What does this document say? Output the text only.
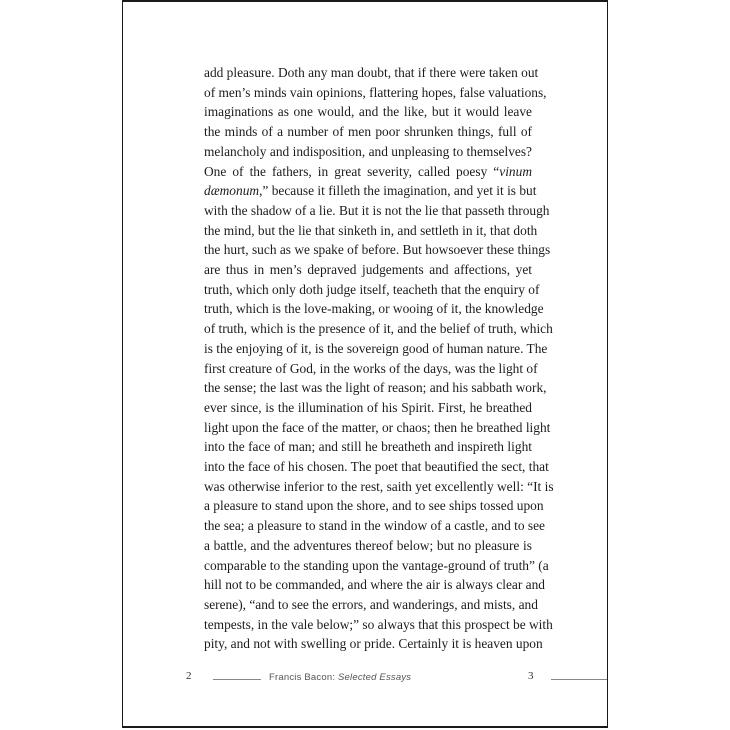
add pleasure. Doth any man doubt, that if there were taken out
of men’s minds vain opinions, flattering hopes, false valuations,
imaginations as one would, and the like, but it would leave
the minds of a number of men poor shrunken things, full of
melancholy and indisposition, and unpleasing to themselves?
One of the fathers, in great severity, called poesy “vinum
dæmonum,” because it filleth the imagination, and yet it is but
with the shadow of a lie. But it is not the lie that passeth through
the mind, but the lie that sinketh in, and settleth in it, that doth
the hurt, such as we spake of before. But howsoever these things
are thus in men’s depraved judgements and affections, yet
truth, which only doth judge itself, teacheth that the enquiry of
truth, which is the love-making, or wooing of it, the knowledge
of truth, which is the presence of it, and the belief of truth, which
is the enjoying of it, is the sovereign good of human nature. The
first creature of God, in the works of the days, was the light of
the sense; the last was the light of reason; and his sabbath work,
ever since, is the illumination of his Spirit. First, he breathed
light upon the face of the matter, or chaos; then he breathed light
into the face of man; and still he breatheth and inspireth light
into the face of his chosen. The poet that beautified the sect, that
was otherwise inferior to the rest, saith yet excellently well: “It is
a pleasure to stand upon the shore, and to see ships tossed upon
the sea; a pleasure to stand in the window of a castle, and to see
a battle, and the adventures thereof below; but no pleasure is
comparable to the standing upon the vantage-ground of truth” (a
hill not to be commanded, and where the air is always clear and
serene), “and to see the errors, and wanderings, and mists, and
tempests, in the vale below;” so always that this prospect be with
pity, and not with swelling or pride. Certainly it is heaven upon
2	Francis Bacon: Selected Essays	3
